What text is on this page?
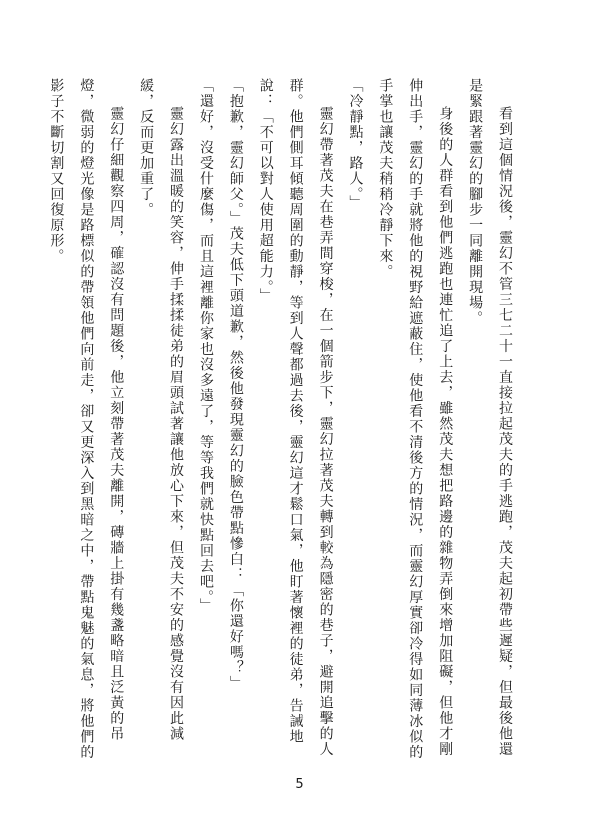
看到這個情況後，靈幻不管三七二十一直接拉起茂夫的手逃跑，茂夫起初帶些遲疑，但最後他還是緊跟著靈幻的腳步一同離開現場。

身後的人群看到他們逃跑也連忙追了上去，雖然茂夫想把路邊的雜物弄倒來增加阻礙，但他才剛伸出手，靈幻的手就將他的視野給遮蔽住，使他看不清後方的情況，而靈幻厚實卻冷得如同薄冰似的手掌也讓茂夫稍稍冷靜下來。

「冷靜點，路人。」

靈幻帶著茂夫在巷弄間穿梭，在一個箭步下，靈幻拉著茂夫轉到較為隱密的巷子，避開追擊的人群。他們側耳傾聽周圍的動靜，等到人聲都過去後，靈幻這才鬆口氣，他盯著懷裡的徒弟，告誡地說：「不可以對人使用超能力。」

「抱歉，靈幻師父。」茂夫低下頭道歉，然後他發現靈幻的臉色帶點慘白：「你還好嗎？」

「還好，沒受什麼傷，而且這裡離你家也沒多遠了，等等我們就快點回去吧。」

靈幻露出溫暖的笑容，伸手揉揉徒弟的眉頭試著讓他放心下來，但茂夫不安的感覺沒有因此減緩，反而更加重了。

靈幻仔細觀察四周，確認沒有問題後，他立刻帶著茂夫離開，磚牆上掛有幾盞略暗且泛黃的吊燈，微弱的燈光像是路標似的帶領他們向前走，卻又更深入到黑暗之中，帶點鬼魅的氣息，將他們的影子不斷切割又回復原形。

5
